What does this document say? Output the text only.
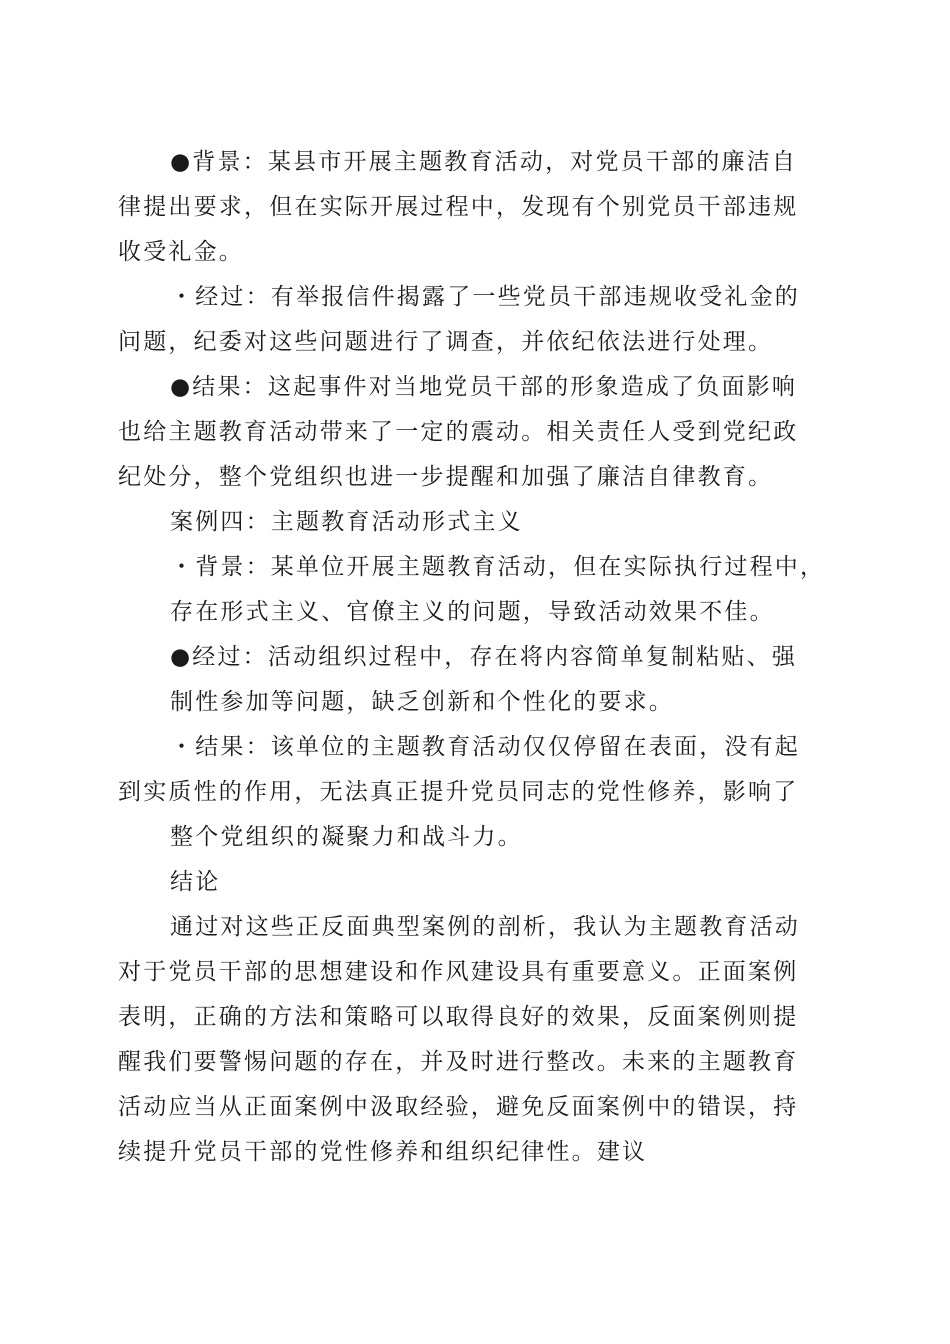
●背景：某县市开展主题教育活动，对党员干部的廉洁自
律提出要求，但在实际开展过程中，发现有个别党员干部违规
收受礼金。
・经过：有举报信件揭露了一些党员干部违规收受礼金的
问题，纪委对这些问题进行了调查，并依纪依法进行处理。
●结果：这起事件对当地党员干部的形象造成了负面影响
也给主题教育活动带来了一定的震动。相关责任人受到党纪政
纪处分，整个党组织也进一步提醒和加强了廉洁自律教育。
案例四：主题教育活动形式主义
・背景：某单位开展主题教育活动，但在实际执行过程中，
存在形式主义、官僚主义的问题，导致活动效果不佳。
●经过：活动组织过程中，存在将内容简单复制粘贴、强
制性参加等问题，缺乏创新和个性化的要求。
・结果：该单位的主题教育活动仅仅停留在表面，没有起
到实质性的作用，无法真正提升党员同志的党性修养，影响了
整个党组织的凝聚力和战斗力。
结论
通过对这些正反面典型案例的剖析，我认为主题教育活动
对于党员干部的思想建设和作风建设具有重要意义。正面案例
表明，正确的方法和策略可以取得良好的效果，反面案例则提
醒我们要警惕问题的存在，并及时进行整改。未来的主题教育
活动应当从正面案例中汲取经验，避免反面案例中的错误，持
续提升党员干部的党性修养和组织纪律性。建议
